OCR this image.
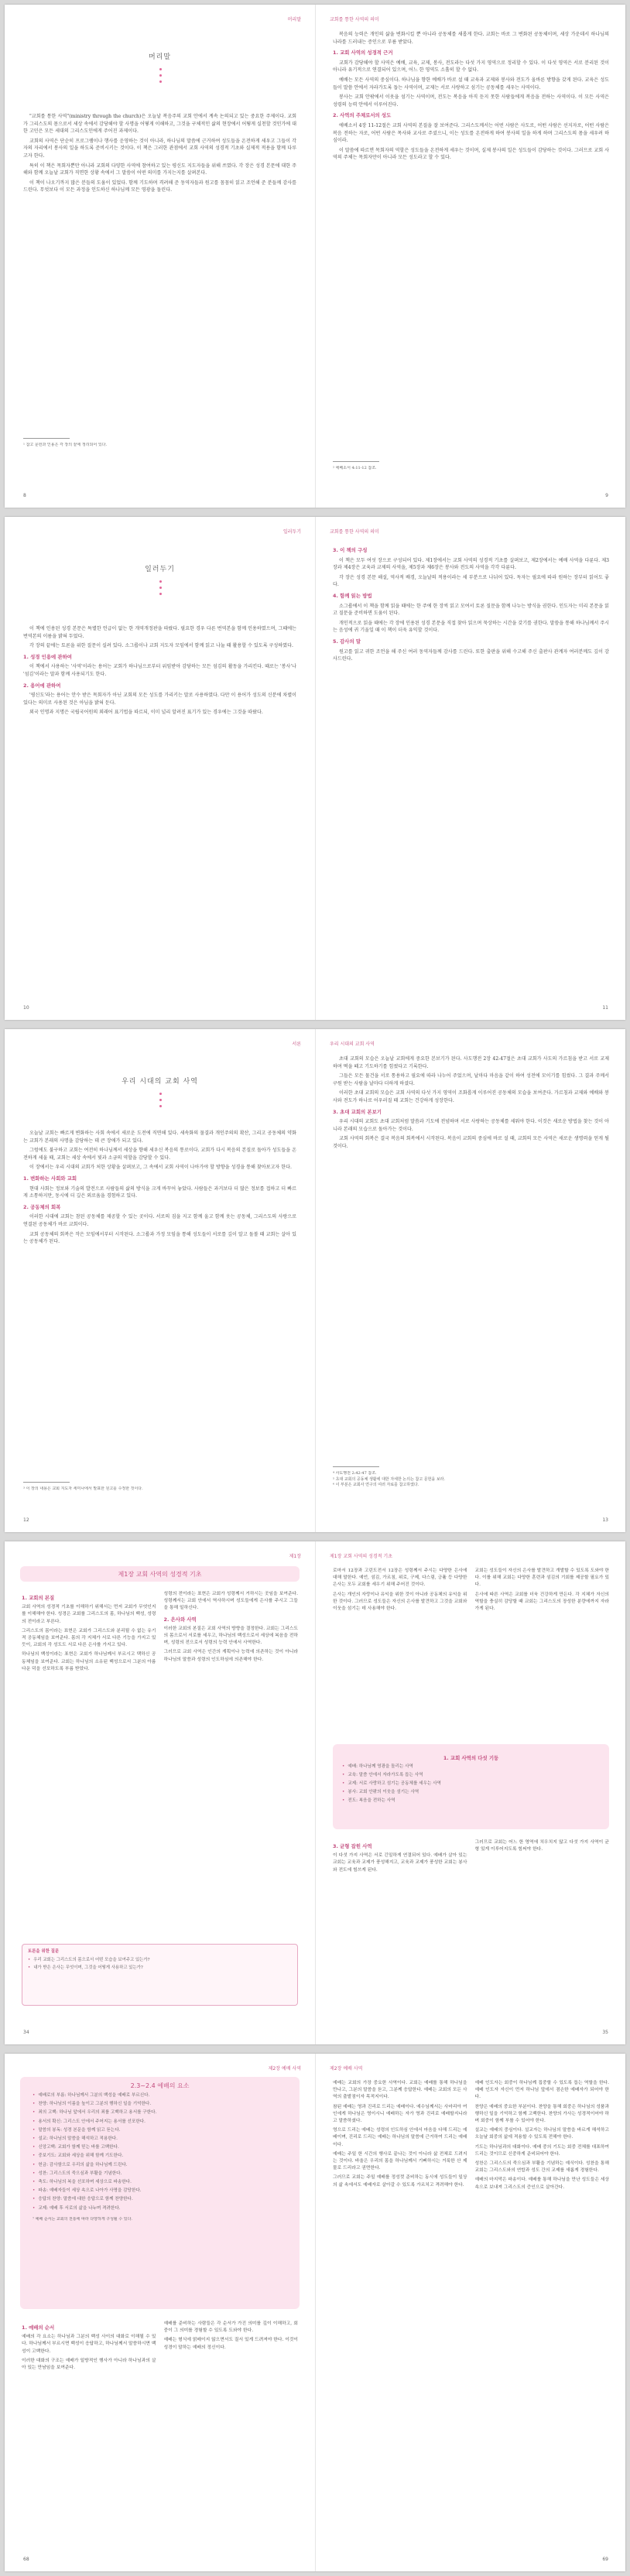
머리말
머리말

"교회를 통한 사역"(ministry through the church)은 오늘날 복음주의 교회 안에서 계속 논의되고 있는 중요한 주제이다. 교회가 그리스도의 몸으로서 세상 속에서 감당해야 할 사명을 어떻게 이해하고, 그것을 구체적인 삶의 현장에서 어떻게 실천할 것인가에 대한 고민은 모든 세대의 그리스도인에게 주어진 과제이다.

교회의 사역은 단순히 프로그램이나 행사를 운영하는 것이 아니라, 하나님의 말씀에 근거하여 성도들을 온전하게 세우고 그들이 각자의 자리에서 봉사의 일을 하도록 준비시키는 것이다. 이 책은 그러한 관점에서 교회 사역의 성경적 기초와 실제적 적용을 함께 다루고자 한다.

특히 이 책은 목회자뿐만 아니라 교회의 다양한 사역에 참여하고 있는 평신도 지도자들을 위해 쓰였다. 각 장은 성경 본문에 대한 주해와 함께 오늘날 교회가 직면한 상황 속에서 그 말씀이 어떤 의미를 가지는지를 살펴본다.

이 책이 나오기까지 많은 분들의 도움이 있었다. 함께 기도하며 격려해 준 동역자들과 원고를 꼼꼼히 읽고 조언해 준 분들께 감사를 드린다. 무엇보다 이 모든 과정을 인도하신 하나님께 모든 영광을 돌린다.

¹ 참고 문헌과 인용은 각 장의 끝에 정리되어 있다.
8
교회를 통한 사역의 의미

복음의 능력은 개인의 삶을 변화시킬 뿐 아니라 공동체를 새롭게 한다. 교회는 바로 그 변화된 공동체이며, 세상 가운데서 하나님의 나라를 드러내는 증인으로 부름 받았다.

1. 교회 사역의 성경적 근거

교회가 감당해야 할 사역은 예배, 교육, 교제, 봉사, 전도라는 다섯 가지 영역으로 정리할 수 있다. 이 다섯 영역은 서로 분리된 것이 아니라 유기적으로 연결되어 있으며, 어느 한 영역도 소홀히 할 수 없다.

예배는 모든 사역의 중심이다. 하나님을 향한 예배가 바로 설 때 교육과 교제와 봉사와 전도가 올바른 방향을 갖게 된다. 교육은 성도들이 말씀 안에서 자라가도록 돕는 사역이며, 교제는 서로 사랑하고 섬기는 공동체를 세우는 사역이다.

봉사는 교회 안팎에서 이웃을 섬기는 사역이며, 전도는 복음을 아직 듣지 못한 사람들에게 복음을 전하는 사역이다. 이 모든 사역은 성령의 능력 안에서 이루어진다.

2. 사역의 주체로서의 성도

에베소서 4장 11-12절은 교회 사역의 본질을 잘 보여준다. 그리스도께서는 어떤 사람은 사도로, 어떤 사람은 선지자로, 어떤 사람은 복음 전하는 자로, 어떤 사람은 목사와 교사로 주셨으니, 이는 성도를 온전하게 하여 봉사의 일을 하게 하며 그리스도의 몸을 세우려 하심이라.

이 말씀에 따르면 목회자의 역할은 성도들을 온전하게 세우는 것이며, 실제 봉사의 일은 성도들이 감당하는 것이다. 그러므로 교회 사역의 주체는 목회자만이 아니라 모든 성도라고 할 수 있다.

² 에베소서 4:11-12 참조.
9
일러두기
일러두기

이 책에 인용된 성경 본문은 특별한 언급이 없는 한 개역개정판을 따랐다. 필요한 경우 다른 번역본을 함께 인용하였으며, 그때에는 번역본의 이름을 밝혀 두었다.

각 장의 끝에는 토론을 위한 질문이 실려 있다. 소그룹이나 교회 지도자 모임에서 함께 읽고 나눌 때 활용할 수 있도록 구성하였다.

1. 성경 인용에 관하여

이 책에서 사용하는 '사역'이라는 용어는 교회가 하나님으로부터 위임받아 감당하는 모든 섬김의 활동을 가리킨다. 때로는 '봉사'나 '섬김'이라는 말과 함께 사용되기도 한다.

2. 용어에 관하여

'평신도'라는 용어는 안수 받은 목회자가 아닌 교회의 모든 성도를 가리키는 말로 사용하였다. 다만 이 용어가 성도의 신분에 차별이 있다는 의미로 사용된 것은 아님을 밝혀 둔다.

외국 인명과 지명은 국립국어원의 외래어 표기법을 따르되, 이미 널리 알려진 표기가 있는 경우에는 그것을 따랐다.

10
교회를 통한 사역의 의미
3. 이 책의 구성

이 책은 모두 여섯 장으로 구성되어 있다. 제1장에서는 교회 사역의 성경적 기초를 살펴보고, 제2장에서는 예배 사역을 다룬다. 제3장과 제4장은 교육과 교제의 사역을, 제5장과 제6장은 봉사와 전도의 사역을 각각 다룬다.

각 장은 성경 본문 해설, 역사적 배경, 오늘날의 적용이라는 세 부분으로 나뉘어 있다. 독자는 필요에 따라 원하는 장부터 읽어도 좋다.

4. 함께 읽는 방법

소그룹에서 이 책을 함께 읽을 때에는 한 주에 한 장씩 읽고 모여서 토론 질문을 함께 나누는 방식을 권한다. 인도자는 미리 본문을 읽고 질문을 준비하면 도움이 된다.

개인적으로 읽을 때에는 각 장에 인용된 성경 본문을 직접 찾아 읽으며 묵상하는 시간을 갖기를 권한다. 말씀을 통해 하나님께서 주시는 음성에 귀 기울일 때 이 책이 더욱 유익할 것이다.

5. 감사의 말

원고를 읽고 귀한 조언을 해 주신 여러 동역자들께 감사를 드린다. 또한 출판을 위해 수고해 주신 출판사 관계자 여러분께도 깊이 감사드린다.

11
서론
우리 시대의 교회 사역

오늘날 교회는 빠르게 변화하는 사회 속에서 새로운 도전에 직면해 있다. 세속화의 물결과 개인주의의 확산, 그리고 공동체의 약화는 교회가 본래의 사명을 감당하는 데 큰 장애가 되고 있다.

그럼에도 불구하고 교회는 여전히 하나님께서 세상을 향해 세우신 복음의 통로이다. 교회가 다시 복음의 본질로 돌아가 성도들을 온전하게 세울 때, 교회는 세상 속에서 빛과 소금의 역할을 감당할 수 있다.

이 장에서는 우리 시대의 교회가 처한 상황을 살펴보고, 그 속에서 교회 사역이 나아가야 할 방향을 성경을 통해 찾아보고자 한다.

1. 변화하는 사회와 교회

현대 사회는 정보와 기술의 발전으로 사람들의 삶의 방식을 크게 바꾸어 놓았다. 사람들은 과거보다 더 많은 정보를 접하고 더 빠르게 소통하지만, 동시에 더 깊은 외로움을 경험하고 있다.

2. 공동체의 회복

이러한 시대에 교회는 참된 공동체를 제공할 수 있는 곳이다. 서로의 짐을 지고 함께 울고 함께 웃는 공동체, 그리스도의 사랑으로 연결된 공동체가 바로 교회이다.

교회 공동체의 회복은 작은 모임에서부터 시작된다. 소그룹과 가정 모임을 통해 성도들이 서로를 깊이 알고 돌볼 때 교회는 살아 있는 공동체가 된다.

³ 이 장의 내용은 교회 지도자 세미나에서 발표한 원고를 수정한 것이다.
12
우리 시대의 교회 사역

초대 교회의 모습은 오늘날 교회에게 중요한 본보기가 된다. 사도행전 2장 42-47절은 초대 교회가 사도의 가르침을 받고 서로 교제하며 떡을 떼고 기도하기를 힘썼다고 기록한다.

그들은 모든 물건을 서로 통용하고 필요에 따라 나누어 주었으며, 날마다 마음을 같이 하여 성전에 모이기를 힘썼다. 그 결과 주께서 구원 받는 사람을 날마다 더하게 하셨다.

이러한 초대 교회의 모습은 교회 사역의 다섯 가지 영역이 조화롭게 이루어진 공동체의 모습을 보여준다. 가르침과 교제와 예배와 봉사와 전도가 하나로 어우러질 때 교회는 건강하게 성장한다.

3. 초대 교회의 본보기

우리 시대의 교회도 초대 교회처럼 말씀과 기도에 전념하며 서로 사랑하는 공동체를 세워야 한다. 이것은 새로운 방법을 찾는 것이 아니라 본래의 모습으로 돌아가는 것이다.

교회 사역의 회복은 결국 복음의 회복에서 시작된다. 복음이 교회의 중심에 바로 설 때, 교회의 모든 사역은 새로운 생명력을 얻게 될 것이다.

⁴ 사도행전 2:42-47 참조.
⁵ 초대 교회의 공동체 생활에 대한 자세한 논의는 참고 문헌을 보라.
⁶ 이 부분은 교회사 연구의 여러 자료를 참고하였다.
13
제1장
제1장 교회 사역의 성경적 기초
1. 교회의 본질

교회 사역의 성경적 기초를 이해하기 위해서는 먼저 교회가 무엇인지를 이해해야 한다. 성경은 교회를 그리스도의 몸, 하나님의 백성, 성령의 전이라고 부른다.

그리스도의 몸이라는 표현은 교회가 그리스도와 분리될 수 없는 유기적 공동체임을 보여준다. 몸의 각 지체가 서로 다른 기능을 가지고 있듯이, 교회의 각 성도도 서로 다른 은사를 가지고 있다.

하나님의 백성이라는 표현은 교회가 하나님께서 부르시고 택하신 공동체임을 보여준다. 교회는 하나님의 소유된 백성으로서 그분의 아름다운 덕을 선포하도록 부름 받았다.

성령의 전이라는 표현은 교회가 성령께서 거하시는 곳임을 보여준다. 성령께서는 교회 안에서 역사하시며 성도들에게 은사를 주시고 그들을 통해 일하신다.

2. 은사와 사역

이러한 교회의 본질은 교회 사역의 방향을 결정한다. 교회는 그리스도의 몸으로서 서로를 세우고, 하나님의 백성으로서 세상에 복음을 전하며, 성령의 전으로서 성령의 능력 안에서 사역한다.

그러므로 교회 사역은 인간의 계획이나 능력에 의존하는 것이 아니라 하나님의 말씀과 성령의 인도하심에 의존해야 한다.

토론을 위한 질문
• 우리 교회는 그리스도의 몸으로서 어떤 모습을 보여주고 있는가?
• 내가 받은 은사는 무엇이며, 그것을 어떻게 사용하고 있는가?
34
제1장 교회 사역의 성경적 기초

로마서 12장과 고린도전서 12장은 성령께서 주시는 다양한 은사에 대해 말한다. 예언, 섬김, 가르침, 위로, 구제, 다스림, 긍휼 등 다양한 은사는 모두 교회를 세우기 위해 주어진 것이다.

은사는 개인의 자랑이나 유익을 위한 것이 아니라 공동체의 유익을 위한 것이다. 그러므로 성도들은 자신의 은사를 발견하고 그것을 교회와 이웃을 섬기는 데 사용해야 한다.

교회는 성도들이 자신의 은사를 발견하고 개발할 수 있도록 도와야 한다. 이를 위해 교회는 다양한 훈련과 섬김의 기회를 제공할 필요가 있다.

은사에 따른 사역은 교회를 더욱 건강하게 만든다. 각 지체가 자신의 역할을 충실히 감당할 때 교회는 그리스도의 장성한 분량에까지 자라가게 된다.

1. 교회 사역의 다섯 기둥
• 예배: 하나님께 영광을 돌리는 사역
• 교육: 말씀 안에서 자라가도록 돕는 사역
• 교제: 서로 사랑하고 섬기는 공동체를 세우는 사역
• 봉사: 교회 안팎의 이웃을 섬기는 사역
• 전도: 복음을 전하는 사역
3. 균형 잡힌 사역

이 다섯 가지 사역은 서로 긴밀하게 연결되어 있다. 예배가 살아 있는 교회는 교육과 교제가 풍성해지고, 교육과 교제가 풍성한 교회는 봉사와 전도에 힘쓰게 된다.

그러므로 교회는 어느 한 영역에 치우치지 않고 다섯 가지 사역이 균형 있게 이루어지도록 힘써야 한다.

35
제2장 예배 사역
2.3~2.4 예배의 요소
• 예배로의 부름: 하나님께서 그분의 백성을 예배로 부르신다.
• 찬양: 하나님의 이름을 높이고 그분의 행하신 일을 기억한다.
• 죄의 고백: 하나님 앞에서 우리의 죄를 고백하고 용서를 구한다.
• 용서의 확신: 그리스도 안에서 주어지는 용서를 선포한다.
• 말씀의 봉독: 성경 본문을 함께 읽고 듣는다.
• 설교: 하나님의 말씀을 해석하고 적용한다.
• 신앙고백: 교회가 함께 믿는 바를 고백한다.
• 중보기도: 교회와 세상을 위해 함께 기도한다.
• 헌금: 감사함으로 우리의 삶을 하나님께 드린다.
• 성찬: 그리스도의 죽으심과 부활을 기념한다.
• 축도: 하나님의 복을 선포하며 세상으로 파송한다.
• 파송: 예배자들이 세상 속으로 나아가 사명을 감당한다.
• 응답의 찬양: 말씀에 대한 응답으로 함께 찬양한다.
• 교제: 예배 후 서로의 삶을 나누며 격려한다.
⁷ 예배 순서는 교회의 전통에 따라 다양하게 구성될 수 있다.
1. 예배의 순서

예배의 각 요소는 하나님과 그분의 백성 사이의 대화로 이해될 수 있다. 하나님께서 부르시면 백성이 응답하고, 하나님께서 말씀하시면 백성이 고백한다.

이러한 대화의 구조는 예배가 일방적인 행사가 아니라 하나님과의 살아 있는 만남임을 보여준다.

예배를 준비하는 사람들은 각 순서가 가진 의미를 깊이 이해하고, 회중이 그 의미를 경험할 수 있도록 도와야 한다.

예배는 형식에 얽매이지 않으면서도 질서 있게 드려져야 한다. 이것이 성경이 말하는 예배의 정신이다.

68
제2장 예배 사역

예배는 교회의 가장 중요한 사역이다. 교회는 예배를 통해 하나님을 만나고, 그분의 말씀을 듣고, 그분께 응답한다. 예배는 교회의 모든 사역의 출발점이자 목적지이다.

참된 예배는 영과 진리로 드리는 예배이다. 예수님께서는 사마리아 여인에게 하나님은 영이시니 예배하는 자가 영과 진리로 예배할지니라고 말씀하셨다.

영으로 드리는 예배는 성령의 인도하심 안에서 마음을 다해 드리는 예배이며, 진리로 드리는 예배는 하나님의 말씀에 근거하여 드리는 예배이다.

예배는 주일 한 시간의 행사로 끝나는 것이 아니라 삶 전체로 드려지는 것이다. 바울은 우리의 몸을 하나님께서 기뻐하시는 거룩한 산 제물로 드리라고 권면한다.

그러므로 교회는 주일 예배를 정성껏 준비하는 동시에 성도들이 일상의 삶 속에서도 예배자로 살아갈 수 있도록 가르치고 격려해야 한다.

예배 인도자는 회중이 하나님께 집중할 수 있도록 돕는 역할을 한다. 예배 인도자 자신이 먼저 하나님 앞에서 겸손한 예배자가 되어야 한다.

찬양은 예배의 중요한 부분이다. 찬양을 통해 회중은 하나님의 성품과 행하신 일을 기억하고 함께 고백한다. 찬양의 가사는 성경적이어야 하며 회중이 함께 부를 수 있어야 한다.

설교는 예배의 중심이다. 설교자는 하나님의 말씀을 바르게 해석하고 오늘날 회중의 삶에 적용할 수 있도록 전해야 한다.

기도는 하나님과의 대화이다. 예배 중의 기도는 회중 전체를 대표하여 드리는 것이므로 신중하게 준비되어야 한다.

성찬은 그리스도의 죽으심과 부활을 기념하는 예식이다. 성찬을 통해 교회는 그리스도와의 연합과 성도 간의 교제를 새롭게 경험한다.

예배의 마지막은 파송이다. 예배를 통해 하나님을 만난 성도들은 세상 속으로 보내져 그리스도의 증인으로 살아간다.

69
